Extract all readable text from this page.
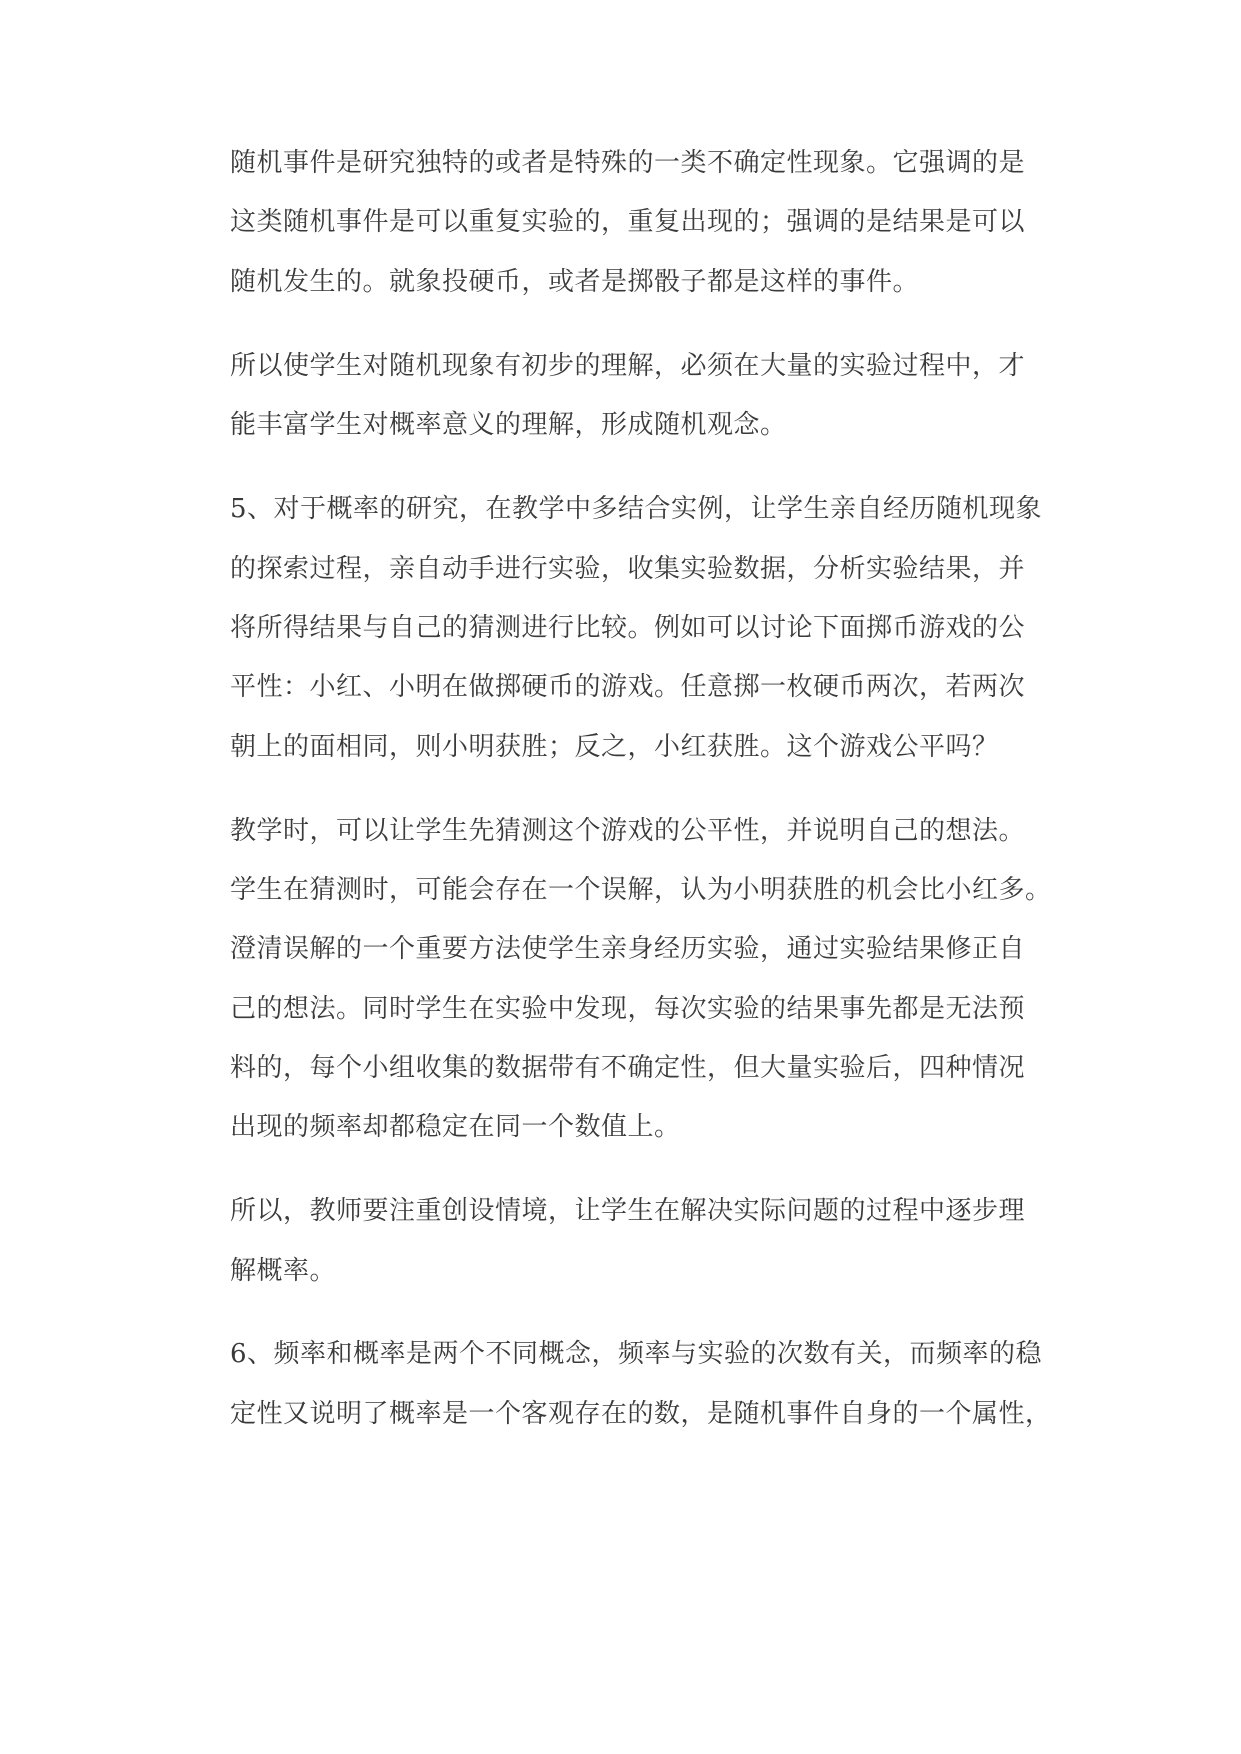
随机事件是研究独特的或者是特殊的一类不确定性现象。它强调的是
这类随机事件是可以重复实验的，重复出现的；强调的是结果是可以
随机发生的。就象投硬币，或者是掷骰子都是这样的事件。
所以使学生对随机现象有初步的理解，必须在大量的实验过程中，才
能丰富学生对概率意义的理解，形成随机观念。
5、对于概率的研究，在教学中多结合实例，让学生亲自经历随机现象
的探索过程，亲自动手进行实验，收集实验数据，分析实验结果，并
将所得结果与自己的猜测进行比较。例如可以讨论下面掷币游戏的公
平性：小红、小明在做掷硬币的游戏。任意掷一枚硬币两次，若两次
朝上的面相同，则小明获胜；反之，小红获胜。这个游戏公平吗？
教学时，可以让学生先猜测这个游戏的公平性，并说明自己的想法。
学生在猜测时，可能会存在一个误解，认为小明获胜的机会比小红多。
澄清误解的一个重要方法使学生亲身经历实验，通过实验结果修正自
己的想法。同时学生在实验中发现，每次实验的结果事先都是无法预
料的，每个小组收集的数据带有不确定性，但大量实验后，四种情况
出现的频率却都稳定在同一个数值上。
所以，教师要注重创设情境，让学生在解决实际问题的过程中逐步理
解概率。
6、频率和概率是两个不同概念，频率与实验的次数有关，而频率的稳
定性又说明了概率是一个客观存在的数，是随机事件自身的一个属性，
